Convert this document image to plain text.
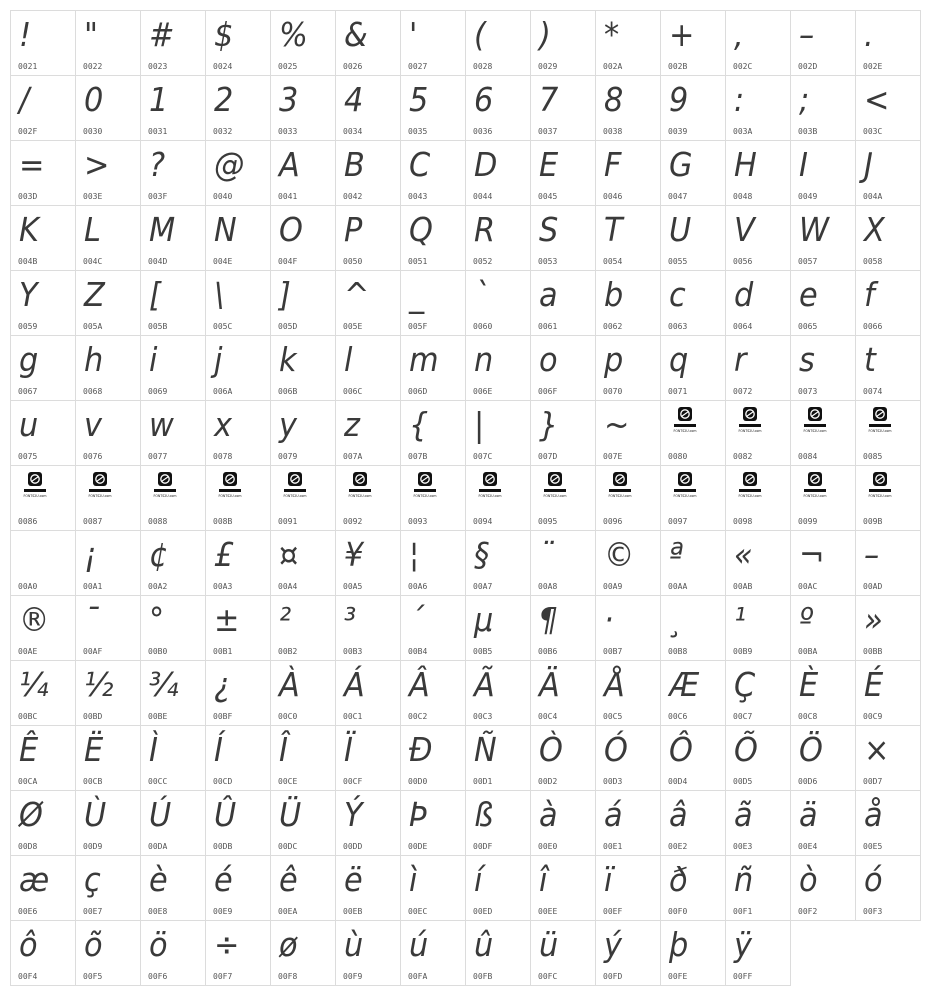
!
0021
"
0022
#
0023
$
0024
%
0025
&
0026
'
0027
(
0028
)
0029
*
002A
+
002B
,
002C
–
002D
.
002E
/
002F
0
0030
1
0031
2
0032
3
0033
4
0034
5
0035
6
0036
7
0037
8
0038
9
0039
:
003A
;
003B
<
003C
=
003D
>
003E
?
003F
@
0040
A
0041
B
0042
C
0043
D
0044
E
0045
F
0046
G
0047
H
0048
I
0049
J
004A
K
004B
L
004C
M
004D
N
004E
O
004F
P
0050
Q
0051
R
0052
S
0053
T
0054
U
0055
V
0056
W
0057
X
0058
Y
0059
Z
005A
[
005B
\
005C
]
005D
^
005E
_
005F
`
0060
a
0061
b
0062
c
0063
d
0064
e
0065
f
0066
g
0067
h
0068
i
0069
j
006A
k
006B
l
006C
m
006D
n
006E
o
006F
p
0070
q
0071
r
0072
s
0073
t
0074
u
0075
v
0076
w
0077
x
0078
y
0079
z
007A
{
007B
|
007C
}
007D
~
007E
FONTS2U.com
0080
FONTS2U.com
0082
FONTS2U.com
0084
FONTS2U.com
0085
FONTS2U.com
0086
FONTS2U.com
0087
FONTS2U.com
0088
FONTS2U.com
008B
FONTS2U.com
0091
FONTS2U.com
0092
FONTS2U.com
0093
FONTS2U.com
0094
FONTS2U.com
0095
FONTS2U.com
0096
FONTS2U.com
0097
FONTS2U.com
0098
FONTS2U.com
0099
FONTS2U.com
009B
00A0
¡
00A1
¢
00A2
£
00A3
¤
00A4
¥
00A5
¦
00A6
§
00A7
¨
00A8
©
00A9
ª
00AA
«
00AB
¬
00AC
–
00AD
®
00AE
¯
00AF
°
00B0
±
00B1
²
00B2
³
00B3
´
00B4
µ
00B5
¶
00B6
·
00B7
¸
00B8
¹
00B9
º
00BA
»
00BB
¼
00BC
½
00BD
¾
00BE
¿
00BF
À
00C0
Á
00C1
Â
00C2
Ã
00C3
Ä
00C4
Å
00C5
Æ
00C6
Ç
00C7
È
00C8
É
00C9
Ê
00CA
Ë
00CB
Ì
00CC
Í
00CD
Î
00CE
Ï
00CF
Ð
00D0
Ñ
00D1
Ò
00D2
Ó
00D3
Ô
00D4
Õ
00D5
Ö
00D6
×
00D7
Ø
00D8
Ù
00D9
Ú
00DA
Û
00DB
Ü
00DC
Ý
00DD
Þ
00DE
ß
00DF
à
00E0
á
00E1
â
00E2
ã
00E3
ä
00E4
å
00E5
æ
00E6
ç
00E7
è
00E8
é
00E9
ê
00EA
ë
00EB
ì
00EC
í
00ED
î
00EE
ï
00EF
ð
00F0
ñ
00F1
ò
00F2
ó
00F3
ô
00F4
õ
00F5
ö
00F6
÷
00F7
ø
00F8
ù
00F9
ú
00FA
û
00FB
ü
00FC
ý
00FD
þ
00FE
ÿ
00FF
